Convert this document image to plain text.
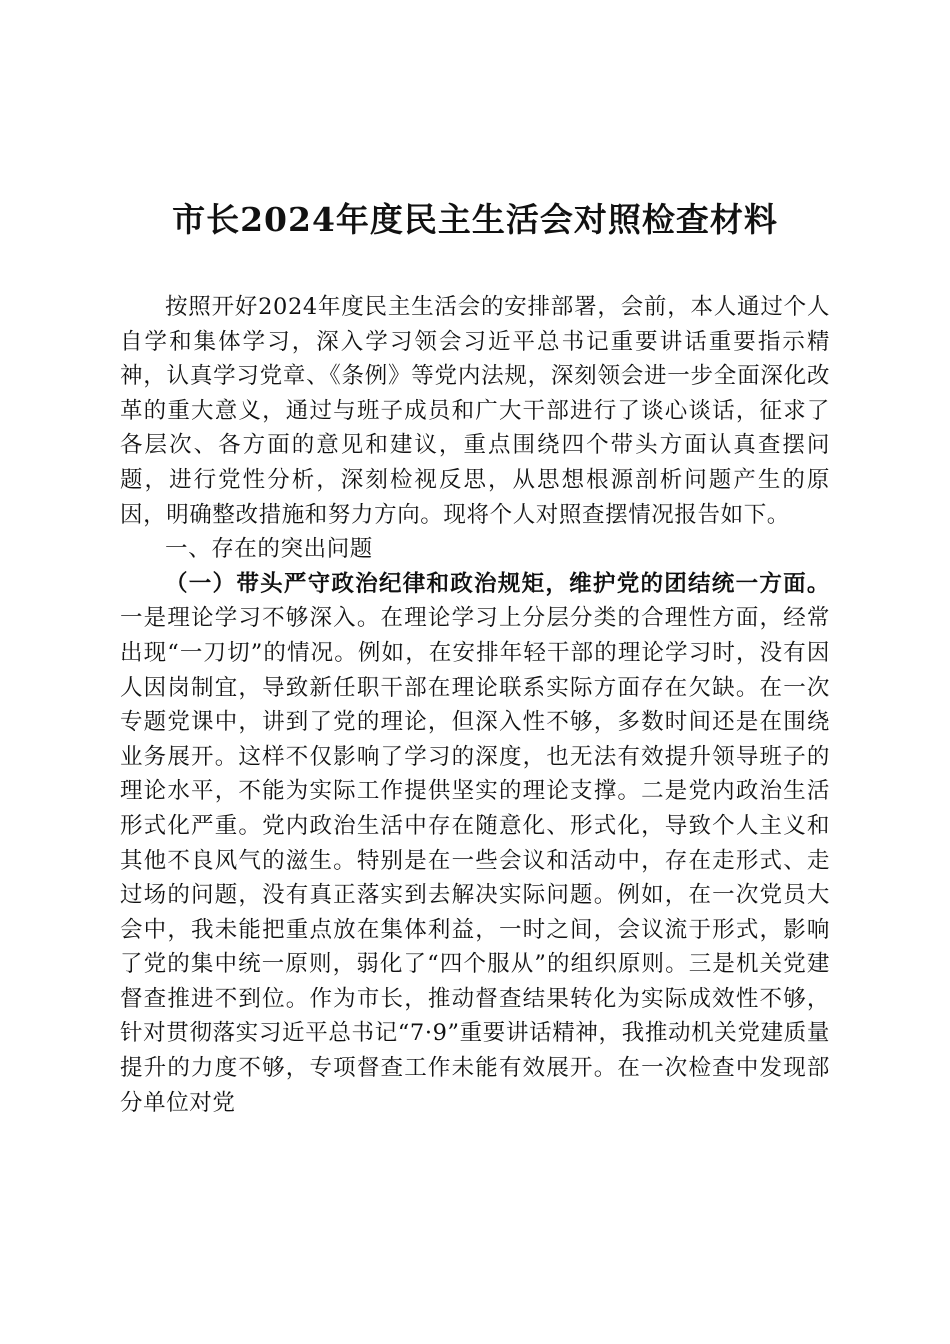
市长2024年度民主生活会对照检查材料

按照开好2024年度民主生活会的安排部署，会前，本人通过个人自学和集体学习，深入学习领会习近平总书记重要讲话重要指示精神，认真学习党章、《条例》等党内法规，深刻领会进一步全面深化改革的重大意义，通过与班子成员和广大干部进行了谈心谈话，征求了各层次、各方面的意见和建议，重点围绕四个带头方面认真查摆问题，进行党性分析，深刻检视反思，从思想根源剖析问题产生的原因，明确整改措施和努力方向。现将个人对照查摆情况报告如下。

一、存在的突出问题

（一）带头严守政治纪律和政治规矩，维护党的团结统一方面。一是理论学习不够深入。在理论学习上分层分类的合理性方面，经常出现“一刀切”的情况。例如，在安排年轻干部的理论学习时，没有因人因岗制宜，导致新任职干部在理论联系实际方面存在欠缺。在一次专题党课中，讲到了党的理论，但深入性不够，多数时间还是在围绕业务展开。这样不仅影响了学习的深度，也无法有效提升领导班子的理论水平，不能为实际工作提供坚实的理论支撑。二是党内政治生活形式化严重。党内政治生活中存在随意化、形式化，导致个人主义和其他不良风气的滋生。特别是在一些会议和活动中，存在走形式、走过场的问题，没有真正落实到去解决实际问题。例如，在一次党员大会中，我未能把重点放在集体利益，一时之间，会议流于形式，影响了党的集中统一原则，弱化了“四个服从”的组织原则。三是机关党建督查推进不到位。作为市长，推动督查结果转化为实际成效性不够，针对贯彻落实习近平总书记“7·9”重要讲话精神，我推动机关党建质量提升的力度不够，专项督查工作未能有效展开。在一次检查中发现部分单位对党
